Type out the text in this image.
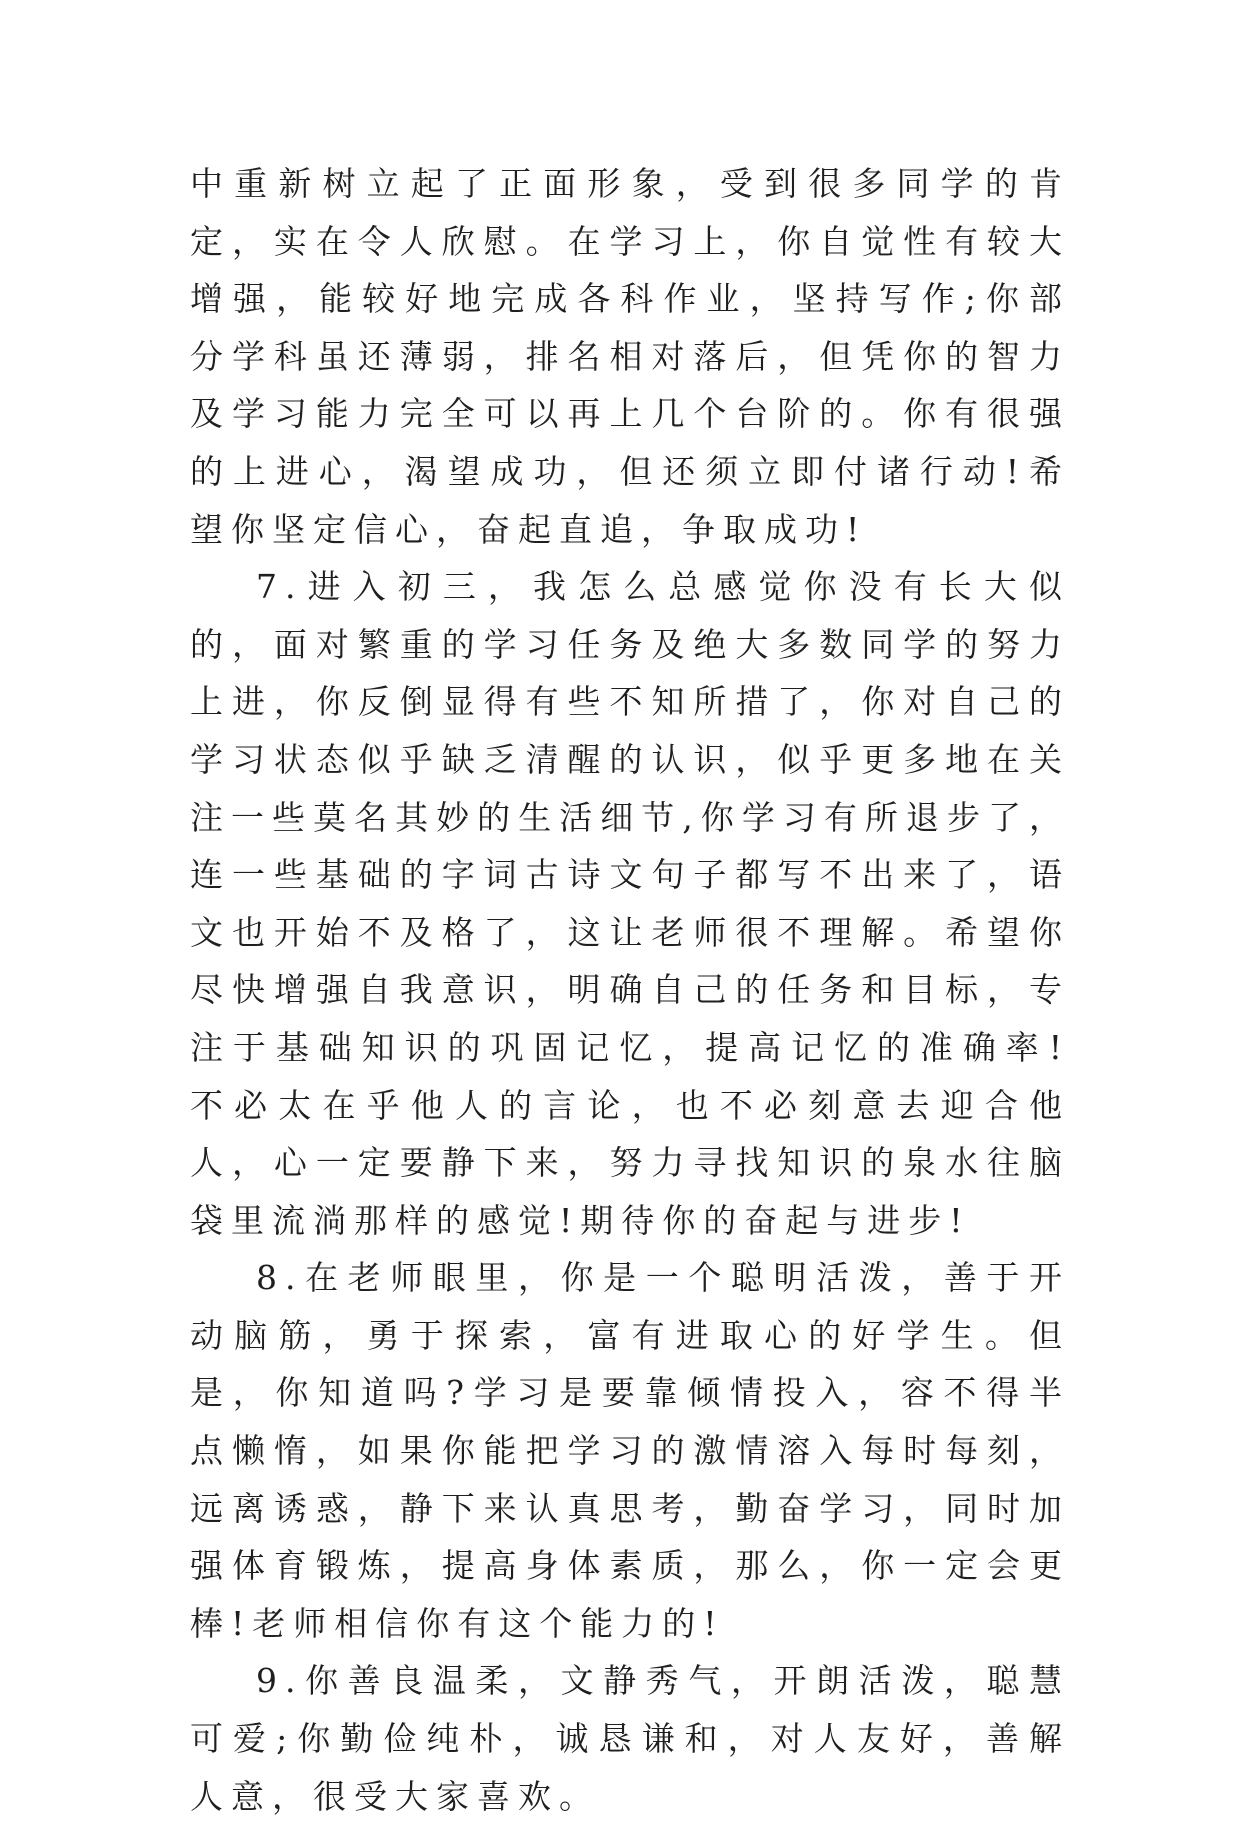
中重新树立起了正面形象，受到很多同学的肯定，实在令人欣慰。在学习上，你自觉性有较大增强，能较好地完成各科作业，坚持写作;你部分学科虽还薄弱，排名相对落后，但凭你的智力及学习能力完全可以再上几个台阶的。你有很强的上进心，渴望成功，但还须立即付诸行动!希望你坚定信心，奋起直追，争取成功!

7.进入初三，我怎么总感觉你没有长大似的，面对繁重的学习任务及绝大多数同学的努力上进，你反倒显得有些不知所措了，你对自己的学习状态似乎缺乏清醒的认识，似乎更多地在关注一些莫名其妙的生活细节,你学习有所退步了，连一些基础的字词古诗文句子都写不出来了，语文也开始不及格了，这让老师很不理解。希望你尽快增强自我意识，明确自己的任务和目标，专注于基础知识的巩固记忆，提高记忆的准确率!不必太在乎他人的言论，也不必刻意去迎合他人，心一定要静下来，努力寻找知识的泉水往脑袋里流淌那样的感觉!期待你的奋起与进步!

8.在老师眼里，你是一个聪明活泼，善于开动脑筋，勇于探索，富有进取心的好学生。但是，你知道吗?学习是要靠倾情投入，容不得半点懒惰，如果你能把学习的激情溶入每时每刻，远离诱惑，静下来认真思考，勤奋学习，同时加强体育锻炼，提高身体素质，那么，你一定会更棒!老师相信你有这个能力的!

9.你善良温柔，文静秀气，开朗活泼，聪慧可爱;你勤俭纯朴，诚恳谦和，对人友好，善解人意，很受大家喜欢。
